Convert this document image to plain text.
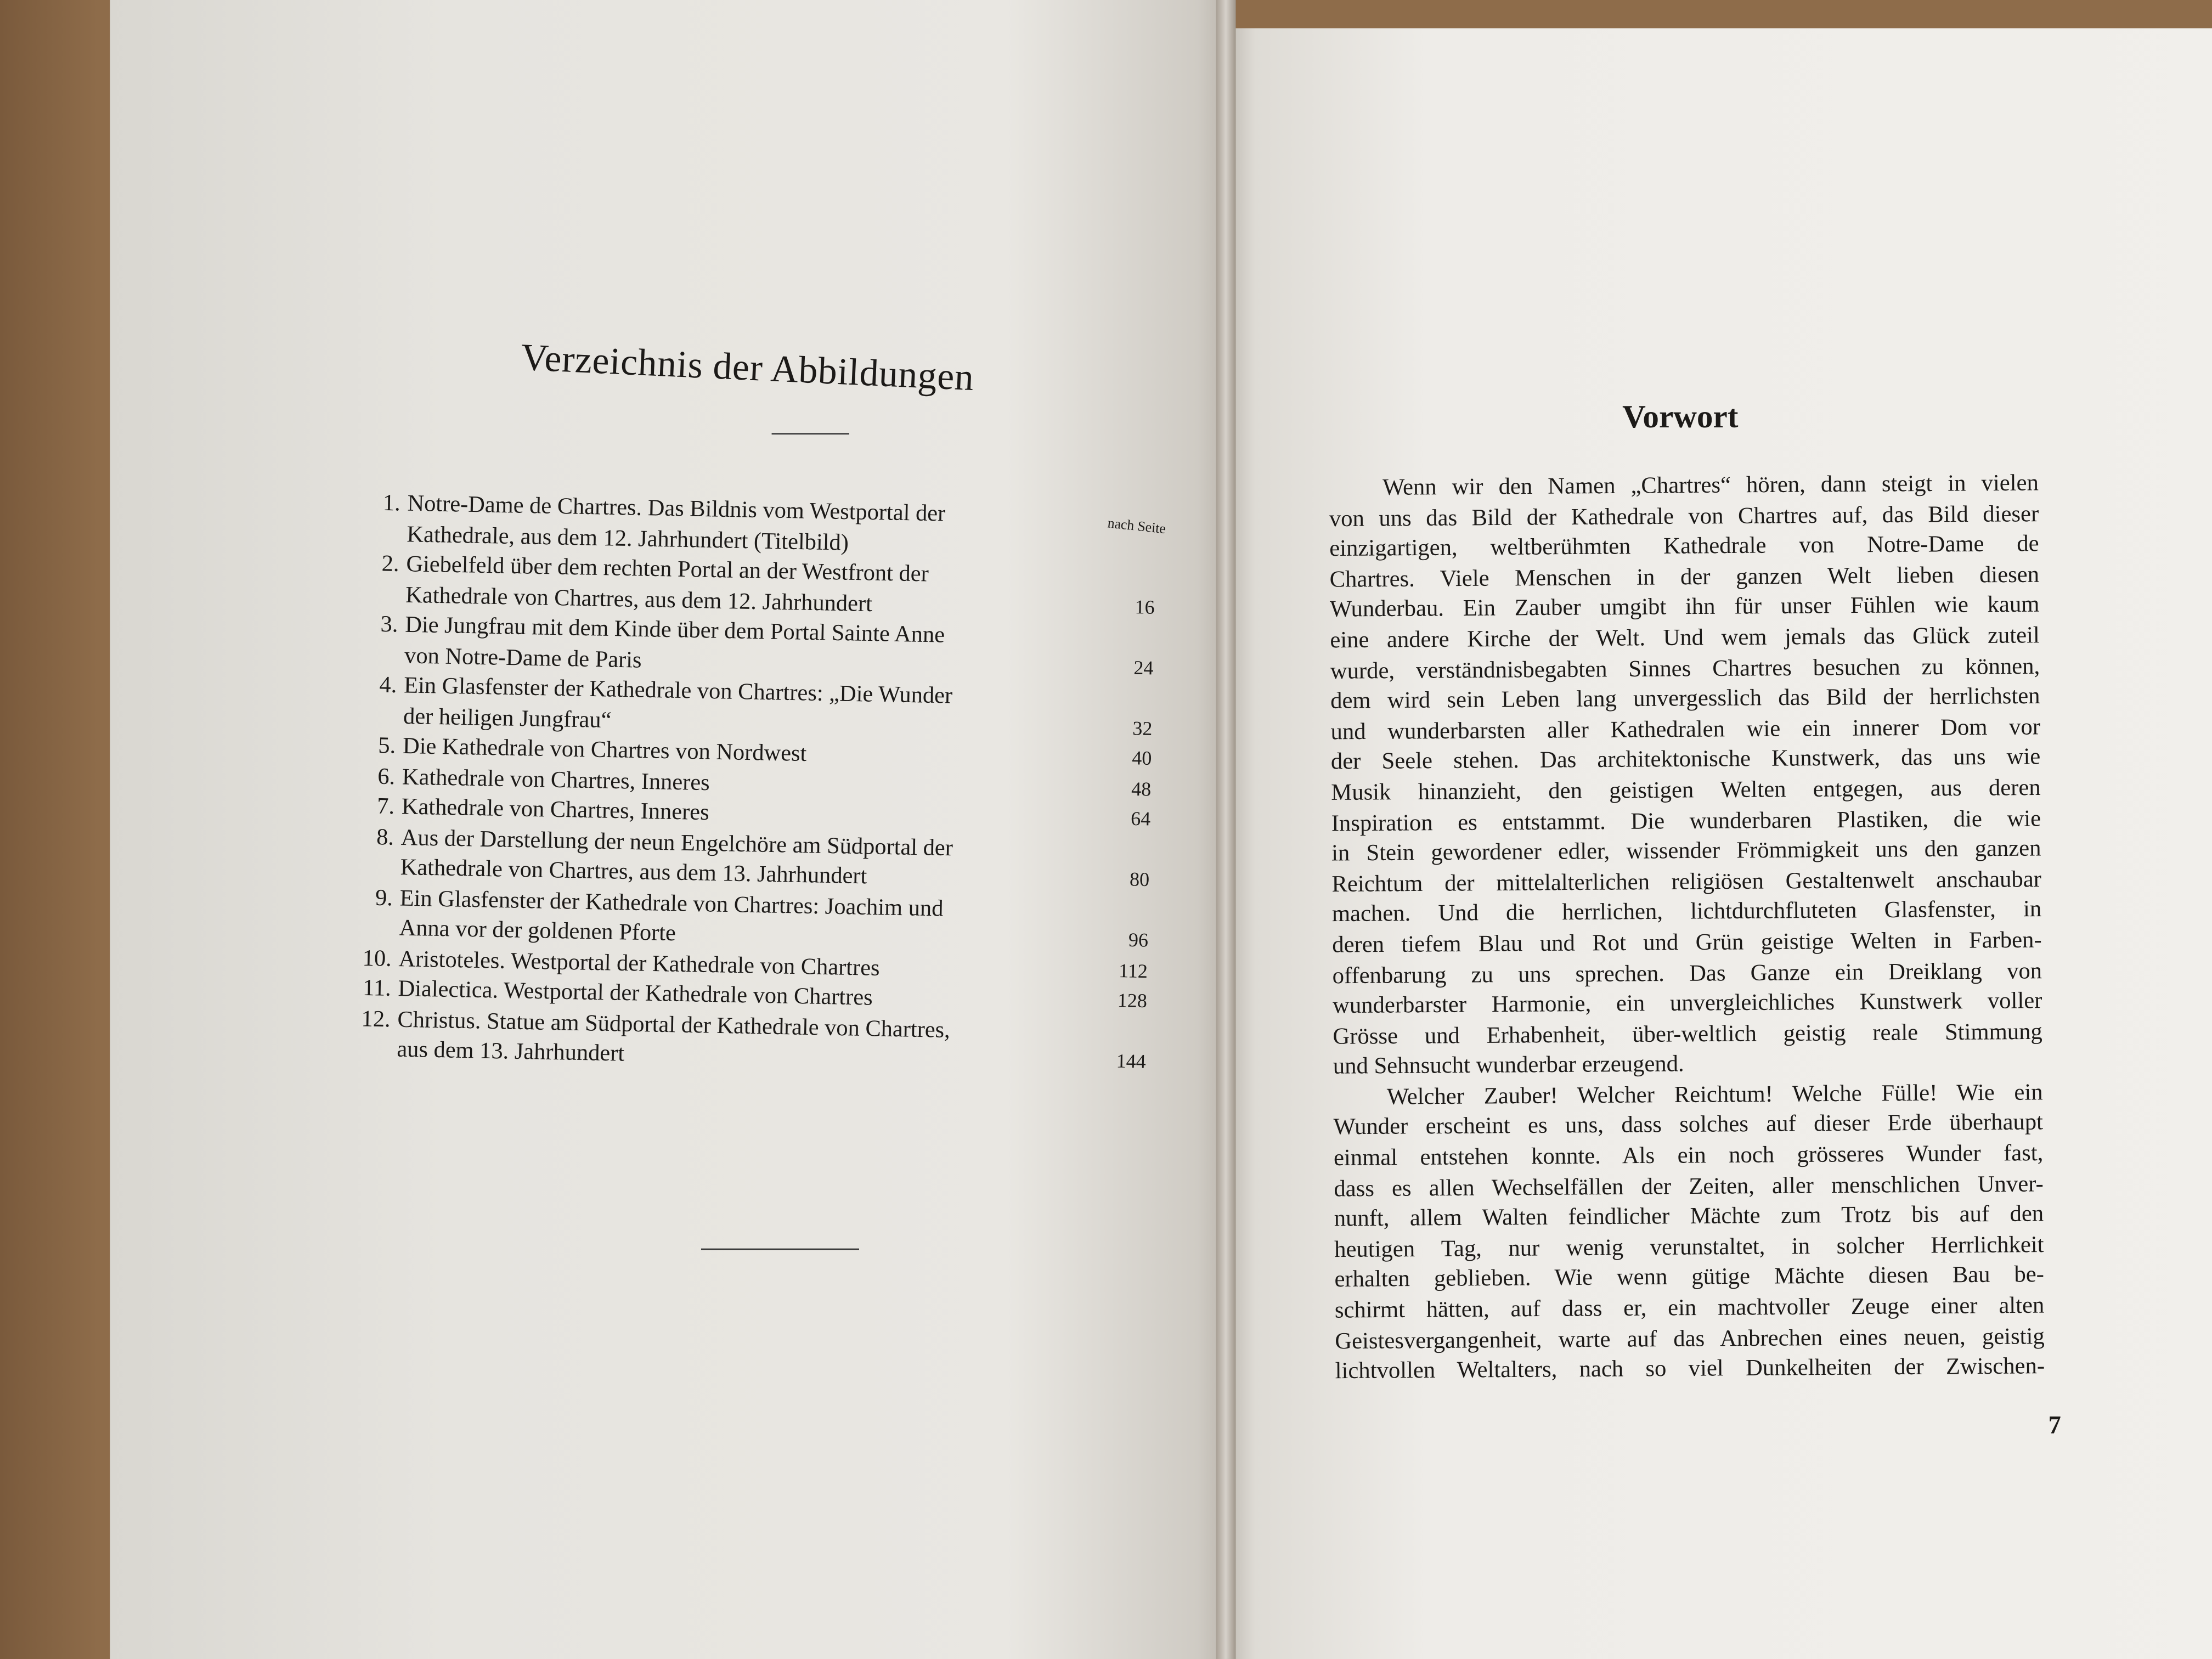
Verzeichnis der Abbildungen
nach Seite
1. Notre-Dame de Chartres. Das Bildnis vom Westportal der
Kathedrale, aus dem 12. Jahrhundert (Titelbild)
2. Giebelfeld über dem rechten Portal an der Westfront der
Kathedrale von Chartres, aus dem 12. Jahrhundert	16
3. Die Jungfrau mit dem Kinde über dem Portal Sainte Anne
von Notre-Dame de Paris	24
4. Ein Glasfenster der Kathedrale von Chartres: „Die Wunder
der heiligen Jungfrau“	32
5. Die Kathedrale von Chartres von Nordwest	40
6. Kathedrale von Chartres, Inneres	48
7. Kathedrale von Chartres, Inneres	64
8. Aus der Darstellung der neun Engelchöre am Südportal der
Kathedrale von Chartres, aus dem 13. Jahrhundert	80
9. Ein Glasfenster der Kathedrale von Chartres: Joachim und
Anna vor der goldenen Pforte	96
10. Aristoteles. Westportal der Kathedrale von Chartres	112
11. Dialectica. Westportal der Kathedrale von Chartres	128
12. Christus. Statue am Südportal der Kathedrale von Chartres,
aus dem 13. Jahrhundert	144
Vorwort
Wenn wir den Namen „Chartres“ hören, dann steigt in vielen
von uns das Bild der Kathedrale von Chartres auf, das Bild dieser
einzigartigen, weltberühmten Kathedrale von Notre-Dame de
Chartres. Viele Menschen in der ganzen Welt lieben diesen
Wunderbau. Ein Zauber umgibt ihn für unser Fühlen wie kaum
eine andere Kirche der Welt. Und wem jemals das Glück zuteil
wurde, verständnisbegabten Sinnes Chartres besuchen zu können,
dem wird sein Leben lang unvergesslich das Bild der herrlichsten
und wunderbarsten aller Kathedralen wie ein innerer Dom vor
der Seele stehen. Das architektonische Kunstwerk, das uns wie
Musik hinanzieht, den geistigen Welten entgegen, aus deren
Inspiration es entstammt. Die wunderbaren Plastiken, die wie
in Stein gewordener edler, wissender Frömmigkeit uns den ganzen
Reichtum der mittelalterlichen religiösen Gestaltenwelt anschaubar
machen. Und die herrlichen, lichtdurchfluteten Glasfenster, in
deren tiefem Blau und Rot und Grün geistige Welten in Farben-
offenbarung zu uns sprechen. Das Ganze ein Dreiklang von
wunderbarster Harmonie, ein unvergleichliches Kunstwerk voller
Grösse und Erhabenheit, über-weltlich geistig reale Stimmung
und Sehnsucht wunderbar erzeugend.
Welcher Zauber! Welcher Reichtum! Welche Fülle! Wie ein
Wunder erscheint es uns, dass solches auf dieser Erde überhaupt
einmal entstehen konnte. Als ein noch grösseres Wunder fast,
dass es allen Wechselfällen der Zeiten, aller menschlichen Unver-
nunft, allem Walten feindlicher Mächte zum Trotz bis auf den
heutigen Tag, nur wenig verunstaltet, in solcher Herrlichkeit
erhalten geblieben. Wie wenn gütige Mächte diesen Bau be-
schirmt hätten, auf dass er, ein machtvoller Zeuge einer alten
Geistesvergangenheit, warte auf das Anbrechen eines neuen, geistig
lichtvollen Weltalters, nach so viel Dunkelheiten der Zwischen-
7
